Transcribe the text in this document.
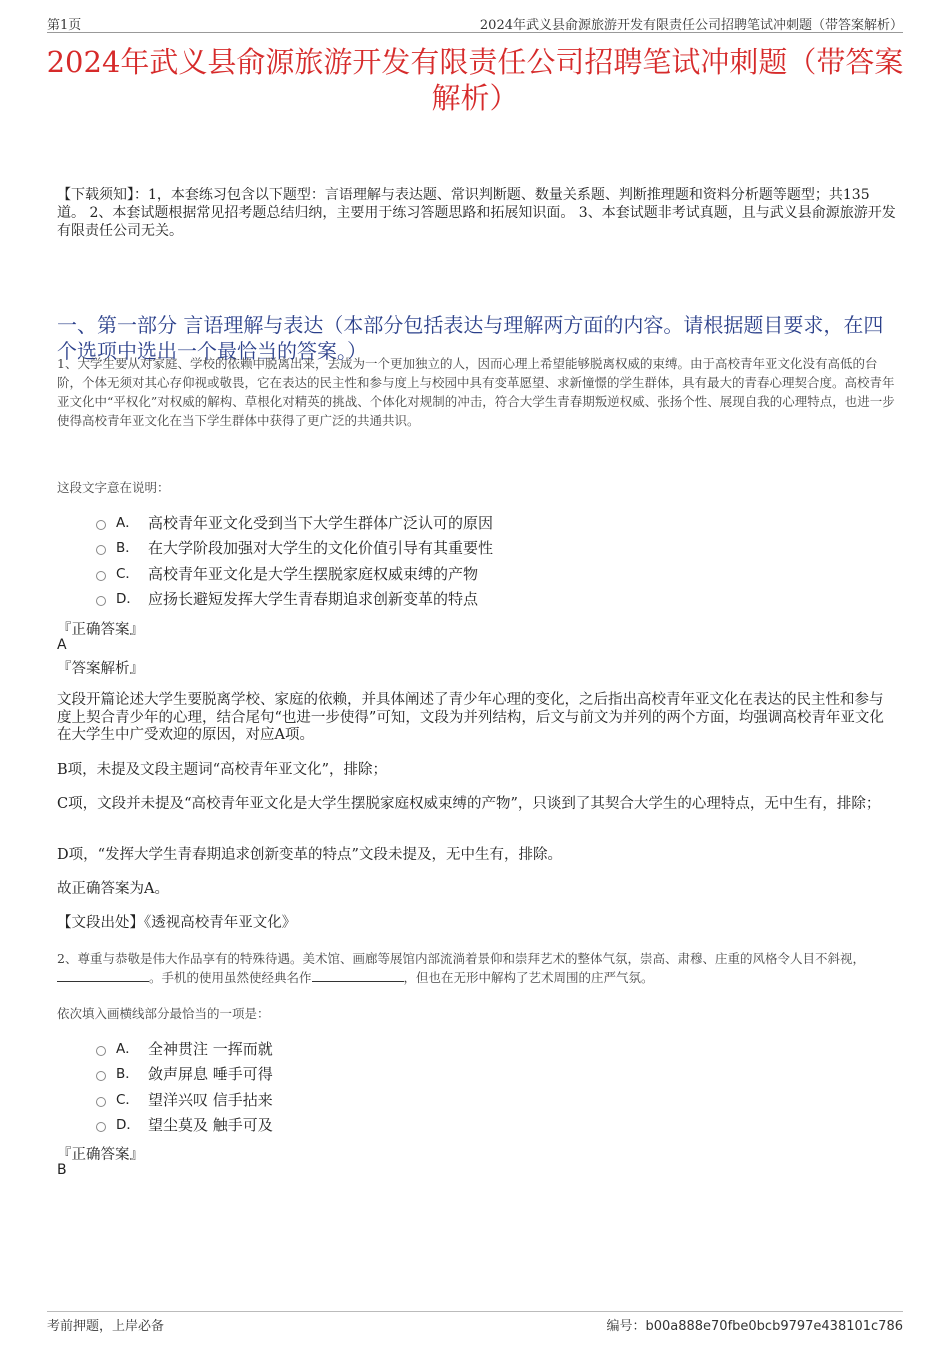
第1页	2024年武义县俞源旅游开发有限责任公司招聘笔试冲刺题（带答案解析）
2024年武义县俞源旅游开发有限责任公司招聘笔试冲刺题（带答案解析）
【下载须知】：1，本套练习包含以下题型：言语理解与表达题、常识判断题、数量关系题、判断推理题和资料分析题等题型；共135道。 2、本套试题根据常见招考题总结归纳，主要用于练习答题思路和拓展知识面。 3、本套试题非考试真题，且与武义县俞源旅游开发有限责任公司无关。
一、第一部分 言语理解与表达（本部分包括表达与理解两方面的内容。请根据题目要求，在四个选项中选出一个最恰当的答案。）
1、大学生要从对家庭、学校的依赖中脱离出来，去成为一个更加独立的人，因而心理上希望能够脱离权威的束缚。由于高校青年亚文化没有高低的台阶，个体无须对其心存仰视或敬畏，它在表达的民主性和参与度上与校园中具有变革愿望、求新憧憬的学生群体，具有最大的青春心理契合度。高校青年亚文化中“平权化”对权威的解构、草根化对精英的挑战、个体化对规制的冲击，符合大学生青春期叛逆权威、张扬个性、展现自我的心理特点，也进一步使得高校青年亚文化在当下学生群体中获得了更广泛的共通共识。
这段文字意在说明：
A． 高校青年亚文化受到当下大学生群体广泛认可的原因
B． 在大学阶段加强对大学生的文化价值引导有其重要性
C． 高校青年亚文化是大学生摆脱家庭权威束缚的产物
D． 应扬长避短发挥大学生青春期追求创新变革的特点
『正确答案』
A
『答案解析』

文段开篇论述大学生要脱离学校、家庭的依赖，并具体阐述了青少年心理的变化，之后指出高校青年亚文化在表达的民主性和参与度上契合青少年的心理，结合尾句“也进一步使得”可知，文段为并列结构，后文与前文为并列的两个方面，均强调高校青年亚文化在大学生中广受欢迎的原因，对应A项。

B项，未提及文段主题词“高校青年亚文化”，排除；

C项，文段并未提及“高校青年亚文化是大学生摆脱家庭权威束缚的产物”，只谈到了其契合大学生的心理特点，无中生有，排除；

D项，“发挥大学生青春期追求创新变革的特点”文段未提及，无中生有，排除。

故正确答案为A。

【文段出处】《透视高校青年亚文化》

2、尊重与恭敬是伟大作品享有的特殊待遇。美术馆、画廊等展馆内部流淌着景仰和崇拜艺术的整体气氛，崇高、肃穆、庄重的风格令人目不斜视，。手机的使用虽然使经典名作	，但也在无形中解构了艺术周围的庄严气氛。
依次填入画横线部分最恰当的一项是：
A． 全神贯注 一挥而就
B． 敛声屏息 唾手可得
C． 望洋兴叹 信手拈来
D． 望尘莫及 触手可及
『正确答案』
B
考前押题，上岸必备	编号：b00a888e70fbe0bcb9797e438101c786
